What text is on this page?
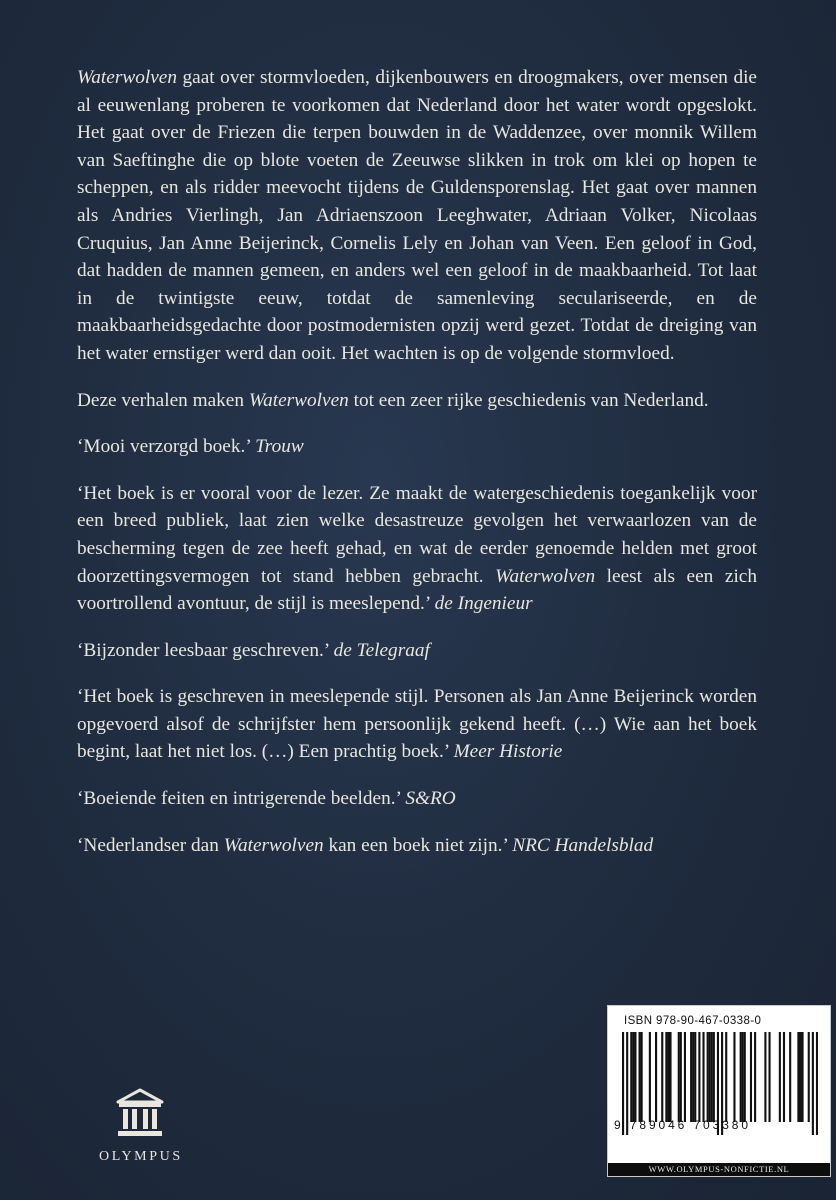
Waterwolven gaat over stormvloeden, dijkenbouwers en droogmakers, over mensen die al eeuwenlang proberen te voorkomen dat Nederland door het water wordt opgeslokt. Het gaat over de Friezen die terpen bouwden in de Waddenzee, over monnik Willem van Saeftinghe die op blote voeten de Zeeuwse slikken in trok om klei op hopen te scheppen, en als ridder meevocht tijdens de Guldensporenslag. Het gaat over mannen als Andries Vierlingh, Jan Adriaenszoon Leeghwater, Adriaan Volker, Nicolaas Cruquius, Jan Anne Beijerinck, Cornelis Lely en Johan van Veen. Een geloof in God, dat hadden de mannen gemeen, en anders wel een geloof in de maakbaarheid. Tot laat in de twintigste eeuw, totdat de samenleving seculariseerde, en de maakbaarheidsgedachte door postmodernisten opzij werd gezet. Totdat de dreiging van het water ernstiger werd dan ooit. Het wachten is op de volgende stormvloed.

Deze verhalen maken Waterwolven tot een zeer rijke geschiedenis van Nederland.

‘Mooi verzorgd boek.’ Trouw

‘Het boek is er vooral voor de lezer. Ze maakt de watergeschiedenis toegankelijk voor een breed publiek, laat zien welke desastreuze gevolgen het verwaarlozen van de bescherming tegen de zee heeft gehad, en wat de eerder genoemde helden met groot doorzettingsvermogen tot stand hebben gebracht. Waterwolven leest als een zich voortrollend avontuur, de stijl is meeslepend.’ de Ingenieur

‘Bijzonder leesbaar geschreven.’ de Telegraaf

‘Het boek is geschreven in meeslepende stijl. Personen als Jan Anne Beijerinck worden opgevoerd alsof de schrijfster hem persoonlijk gekend heeft. (…) Wie aan het boek begint, laat het niet los. (…) Een prachtig boek.’ Meer Historie

‘Boeiende feiten en intrigerende beelden.’ S&RO

‘Nederlandser dan Waterwolven kan een boek niet zijn.’ NRC Handelsblad

OLYMPUS
ISBN 978-90-467-0338-0
9 789046 703380
WWW.OLYMPUS-NONFICTIE.NL
